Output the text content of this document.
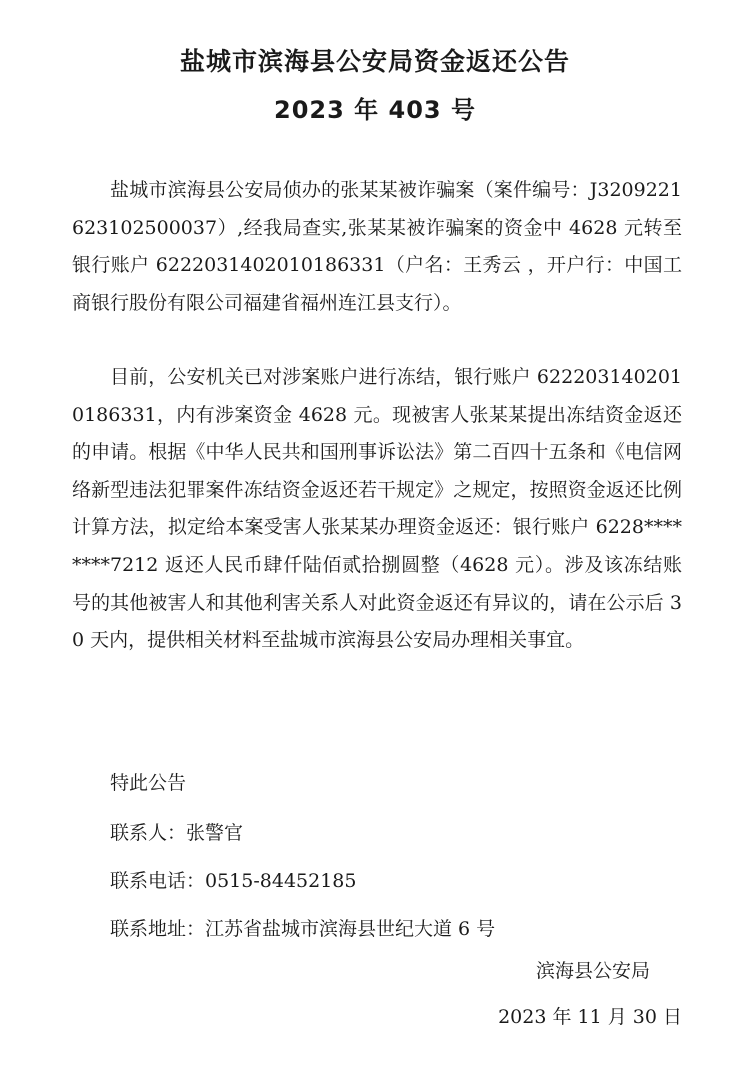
盐城市滨海县公安局资金返还公告
2023 年 403 号

盐城市滨海县公安局侦办的张某某被诈骗案（案件编号：J3209221623102500037）,经我局查实,张某某被诈骗案的资金中 4628 元转至银行账户 6222031402010186331（户名：王秀云 ，开户行：中国工商银行股份有限公司福建省福州连江县支行）。

目前，公安机关已对涉案账户进行冻结，银行账户 6222031402010186331，内有涉案资金 4628 元。现被害人张某某提出冻结资金返还的申请。根据《中华人民共和国刑事诉讼法》第二百四十五条和《电信网络新型违法犯罪案件冻结资金返还若干规定》之规定，按照资金返还比例计算方法，拟定给本案受害人张某某办理资金返还：银行账户 6228********7212 返还人民币肆仟陆佰贰拾捌圆整（4628 元）。涉及该冻结账号的其他被害人和其他利害关系人对此资金返还有异议的，请在公示后 30 天内，提供相关材料至盐城市滨海县公安局办理相关事宜。

特此公告
联系人：张警官
联系电话：0515-84452185
联系地址：江苏省盐城市滨海县世纪大道 6 号
滨海县公安局
2023 年 11 月 30 日
